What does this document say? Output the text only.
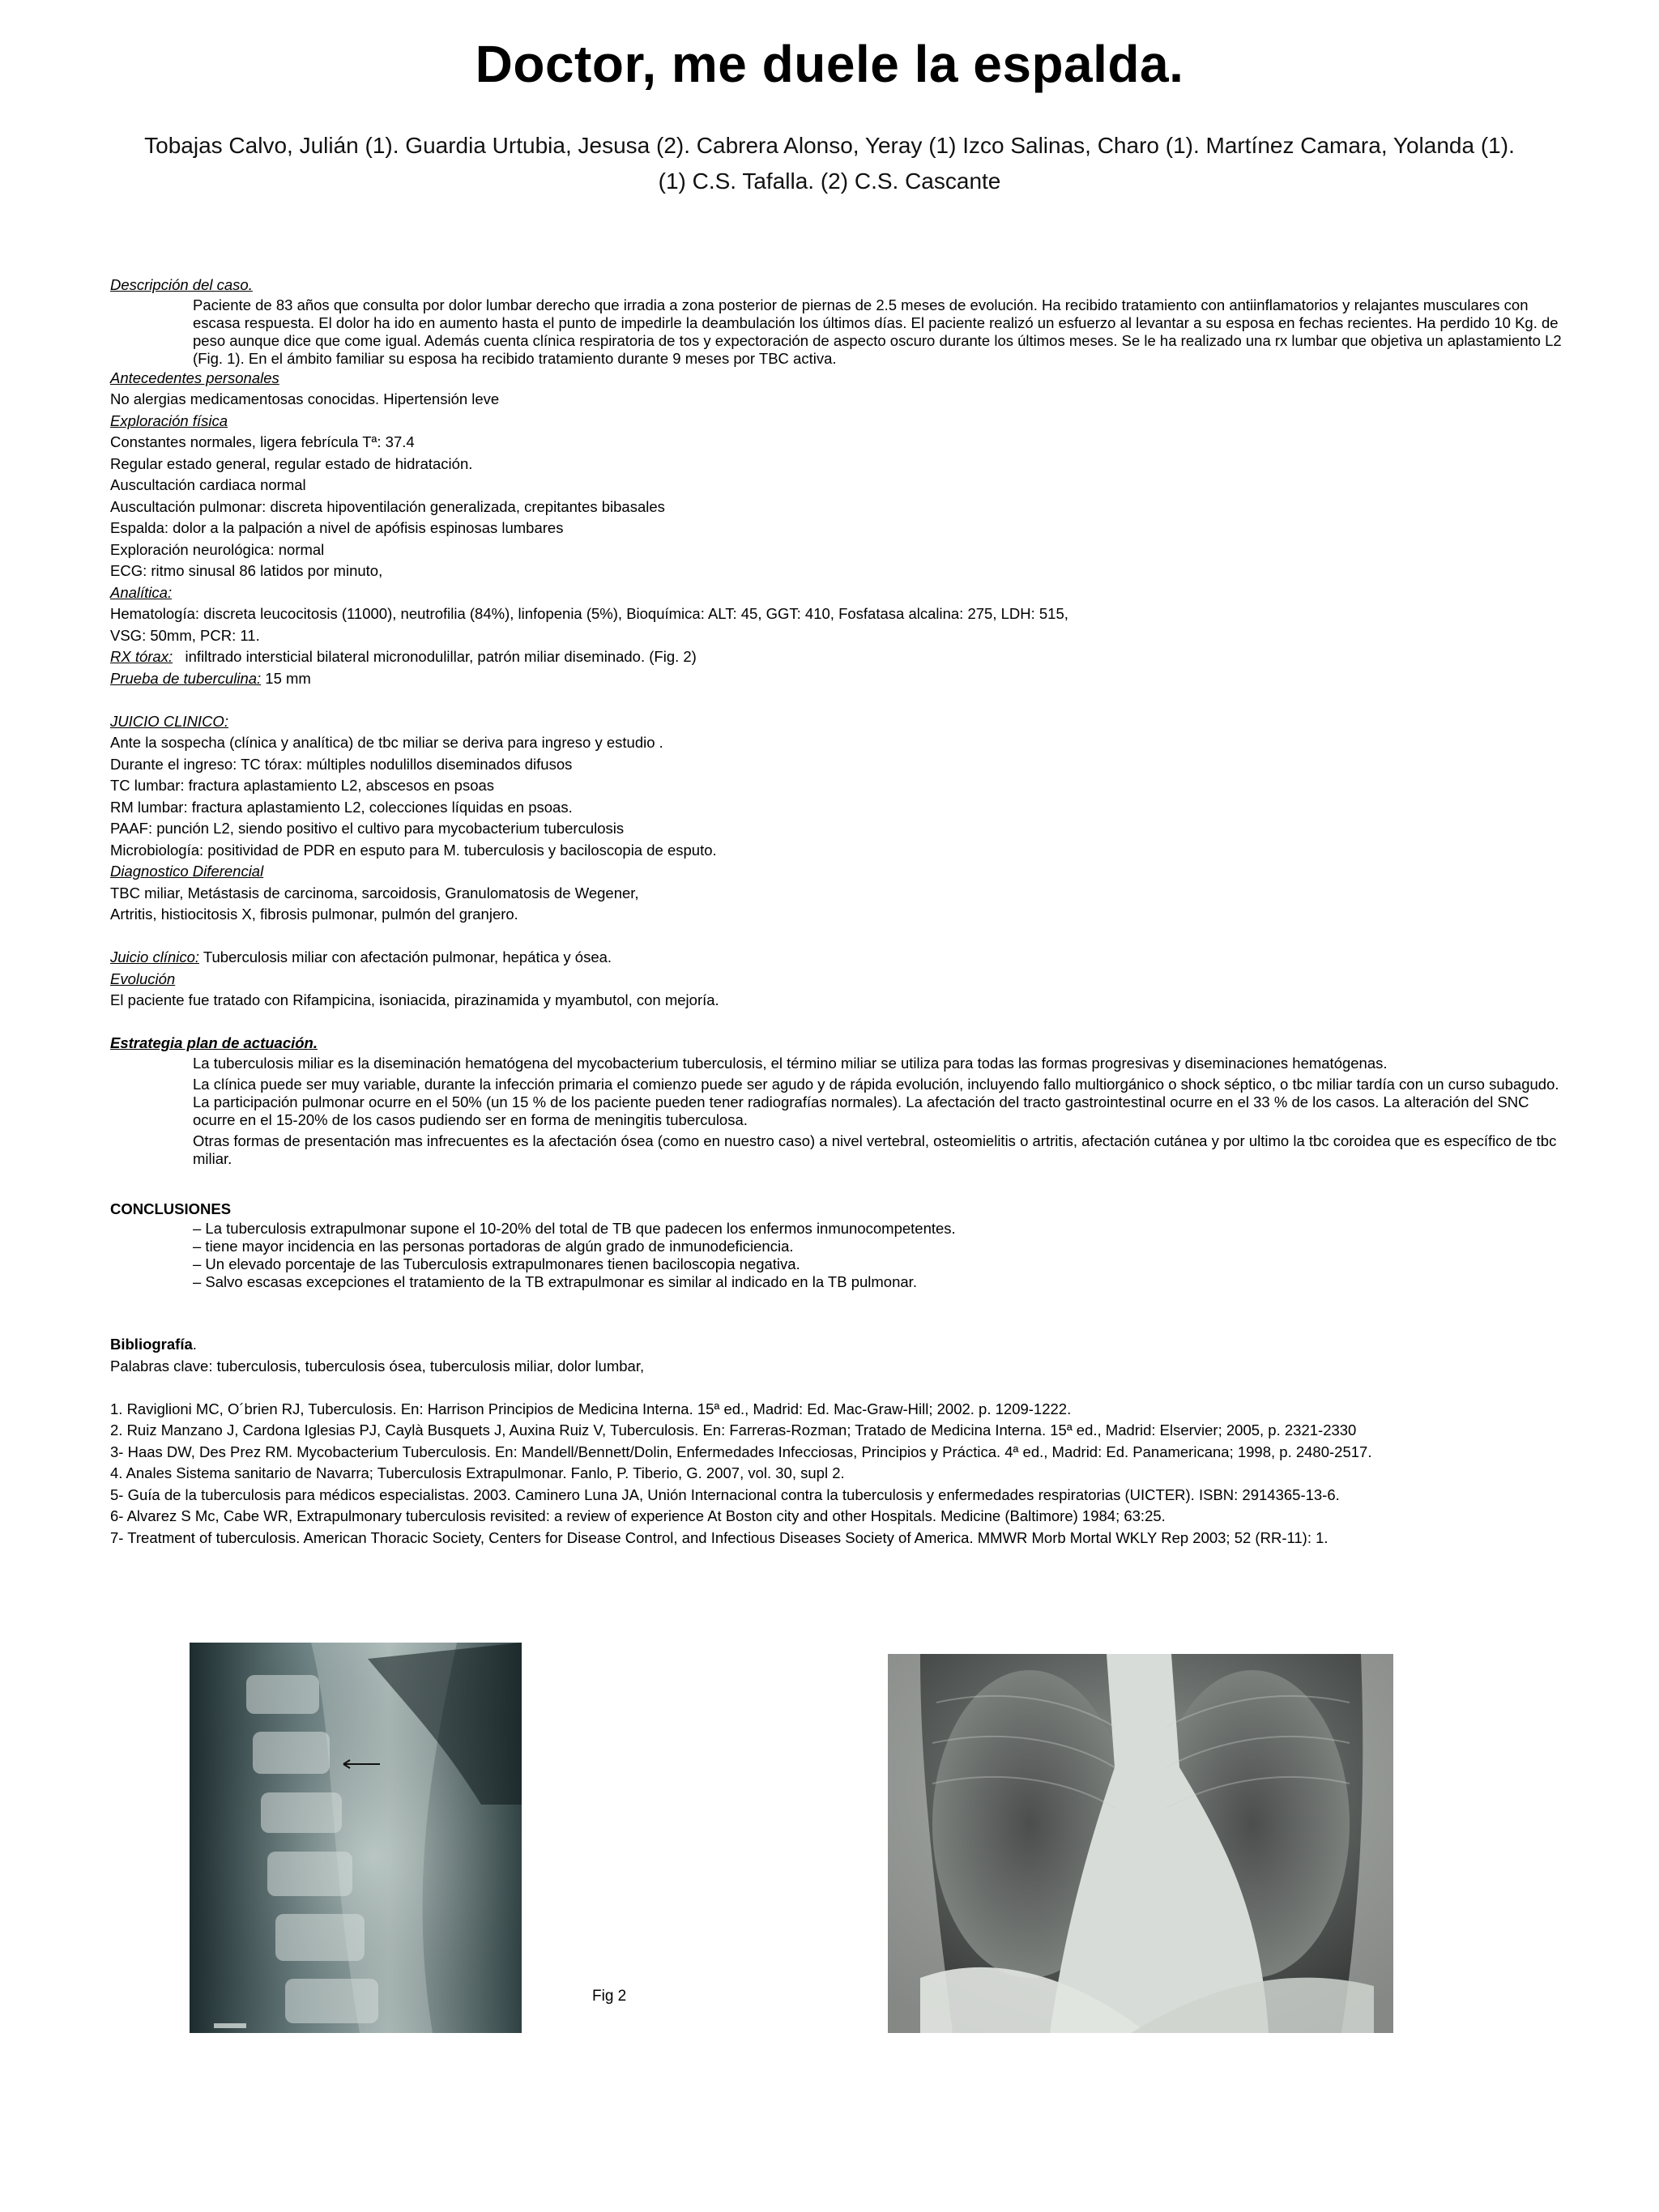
Doctor, me duele la espalda.
Tobajas Calvo, Julián (1). Guardia Urtubia, Jesusa (2). Cabrera Alonso, Yeray (1) Izco Salinas, Charo (1). Martínez Camara, Yolanda (1).
(1) C.S. Tafalla. (2) C.S. Cascante

Descripción del caso.

Paciente de 83 años que consulta por dolor lumbar derecho que irradia a zona posterior de piernas de 2.5 meses de evolución. Ha recibido tratamiento con antiinflamatorios y relajantes musculares con escasa respuesta. El dolor ha ido en aumento hasta el punto de impedirle la deambulación los últimos días. El paciente realizó un esfuerzo al levantar a su esposa en fechas recientes. Ha perdido 10 Kg. de peso aunque dice que come igual. Además cuenta clínica respiratoria de tos y expectoración de aspecto oscuro durante los últimos meses. Se le ha realizado una rx lumbar que objetiva un aplastamiento L2 (Fig. 1). En el ámbito familiar su esposa ha recibido tratamiento durante 9 meses por TBC activa.

Antecedentes personales

No alergias medicamentosas conocidas. Hipertensión leve

Exploración física

Constantes normales, ligera febrícula Tª: 37.4

Regular estado general, regular estado de hidratación.

Auscultación cardiaca normal

Auscultación pulmonar: discreta hipoventilación generalizada, crepitantes bibasales

Espalda: dolor a la palpación a nivel de apófisis espinosas lumbares

Exploración neurológica: normal

ECG: ritmo sinusal 86 latidos por minuto,

Analítica:

Hematología: discreta leucocitosis (11000), neutrofilia (84%), linfopenia (5%), Bioquímica: ALT: 45, GGT: 410, Fosfatasa alcalina: 275, LDH: 515,

VSG: 50mm, PCR: 11.

RX tórax: infiltrado intersticial bilateral micronodulillar, patrón miliar diseminado. (Fig. 2)

Prueba de tuberculina: 15 mm

JUICIO CLINICO:

Ante la sospecha (clínica y analítica) de tbc miliar se deriva para ingreso y estudio .

Durante el ingreso: TC tórax: múltiples nodulillos diseminados difusos

TC lumbar: fractura aplastamiento L2, abscesos en psoas

RM lumbar: fractura aplastamiento L2, colecciones líquidas en psoas.

PAAF: punción L2, siendo positivo el cultivo para mycobacterium tuberculosis

Microbiología: positividad de PDR en esputo para M. tuberculosis y baciloscopia de esputo.

Diagnostico Diferencial

TBC miliar, Metástasis de carcinoma, sarcoidosis, Granulomatosis de Wegener,

Artritis, histiocitosis X, fibrosis pulmonar, pulmón del granjero.

Juicio clínico: Tuberculosis miliar con afectación pulmonar, hepática y ósea.

Evolución

El paciente fue tratado con Rifampicina, isoniacida, pirazinamida y myambutol, con mejoría.

Estrategia plan de actuación.

La tuberculosis miliar es la diseminación hematógena del mycobacterium tuberculosis, el término miliar se utiliza para todas las formas progresivas y diseminaciones hematógenas.

La clínica puede ser muy variable, durante la infección primaria el comienzo puede ser agudo y de rápida evolución, incluyendo fallo multiorgánico o shock séptico, o tbc miliar tardía con un curso subagudo. La participación pulmonar ocurre en el 50% (un 15 % de los paciente pueden tener radiografías normales). La afectación del tracto gastrointestinal ocurre en el 33 % de los casos. La alteración del SNC ocurre en el 15-20% de los casos pudiendo ser en forma de meningitis tuberculosa.

Otras formas de presentación mas infrecuentes es la afectación ósea (como en nuestro caso) a nivel vertebral, osteomielitis o artritis, afectación cutánea y por ultimo la tbc coroidea que es específico de tbc miliar.

CONCLUSIONES

– La tuberculosis extrapulmonar supone el 10-20% del total de TB que padecen los enfermos inmunocompetentes.

– tiene mayor incidencia en las personas portadoras de algún grado de inmunodeficiencia.

– Un elevado porcentaje de las Tuberculosis extrapulmonares tienen baciloscopia negativa.

– Salvo escasas excepciones el tratamiento de la TB extrapulmonar es similar al indicado en la TB pulmonar.

Bibliografía.

Palabras clave: tuberculosis, tuberculosis ósea, tuberculosis miliar, dolor lumbar,

1. Raviglioni MC, O´brien RJ, Tuberculosis. En: Harrison Principios de Medicina Interna. 15ª ed., Madrid: Ed. Mac-Graw-Hill; 2002. p. 1209-1222.

2. Ruiz Manzano J, Cardona Iglesias PJ, Caylà Busquets J, Auxina Ruiz V, Tuberculosis. En: Farreras-Rozman; Tratado de Medicina Interna. 15ª ed., Madrid: Elservier; 2005, p. 2321-2330

3- Haas DW, Des Prez RM. Mycobacterium Tuberculosis. En: Mandell/Bennett/Dolin, Enfermedades Infecciosas, Principios y Práctica. 4ª ed., Madrid: Ed. Panamericana; 1998, p. 2480-2517.

4. Anales Sistema sanitario de Navarra; Tuberculosis Extrapulmonar. Fanlo, P. Tiberio, G. 2007, vol. 30, supl 2.

5- Guía de la tuberculosis para médicos especialistas. 2003. Caminero Luna JA, Unión Internacional contra la tuberculosis y enfermedades respiratorias (UICTER). ISBN: 2914365-13-6.

6- Alvarez S Mc, Cabe WR, Extrapulmonary tuberculosis revisited: a review of experience At Boston city and other Hospitals. Medicine (Baltimore) 1984; 63:25.

7- Treatment of tuberculosis. American Thoracic Society, Centers for Disease Control, and Infectious Diseases Society of America. MMWR Morb Mortal WKLY Rep 2003; 52 (RR-11): 1.

Fig 2
